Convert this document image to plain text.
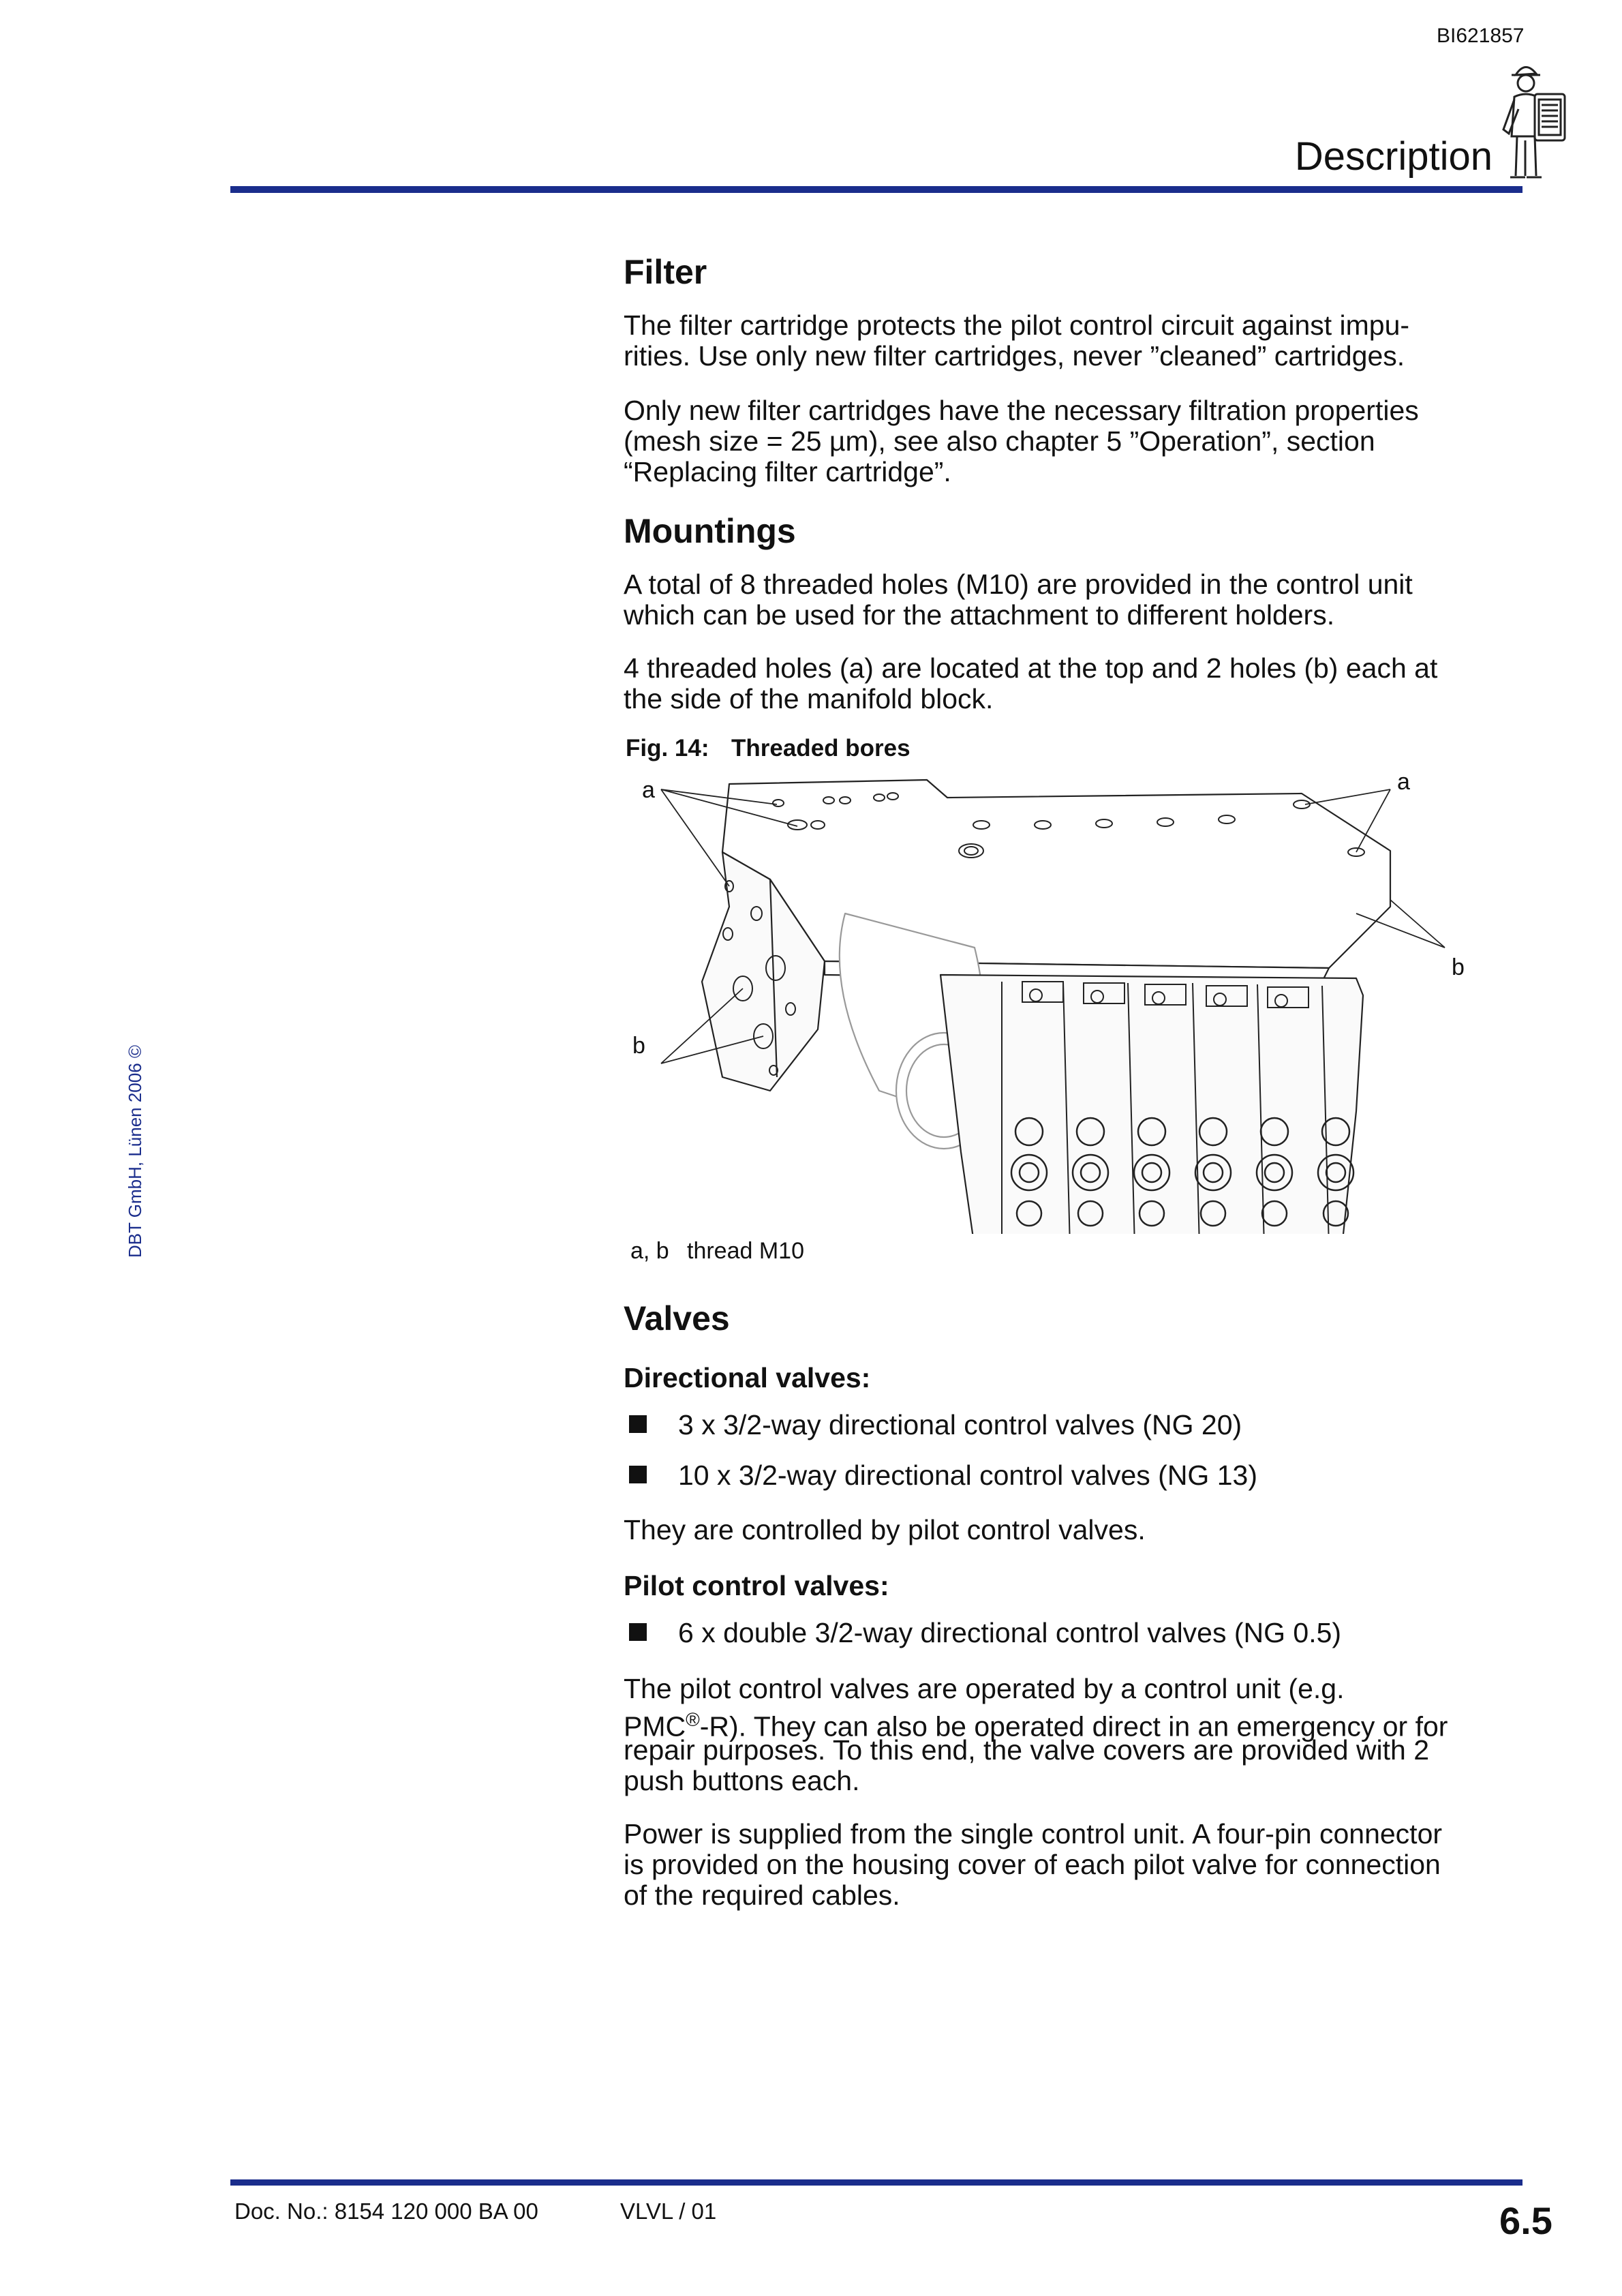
BI621857
Description
DBT GmbH, Lünen 2006 ©
Filter

The filter cartridge protects the pilot control circuit against impu-

rities. Use only new filter cartridges, never ”cleaned” cartridges.

Only new filter cartridges have the necessary filtration properties

(mesh size = 25 µm), see also chapter 5 ”Operation”, section

“Replacing filter cartridge”.

Mountings

A total of 8 threaded holes (M10) are provided in the control unit

which can be used for the attachment to different holders.

4 threaded holes (a) are located at the top and 2 holes (b) each at

the side of the manifold block.

Fig. 14: Threaded bores
a	a
b
b
a, b thread M10
Valves
Directional valves:
3 x 3/2-way directional control valves (NG 20)
10 x 3/2-way directional control valves (NG 13)

They are controlled by pilot control valves.

Pilot control valves:
6 x double 3/2-way directional control valves (NG 0.5)

The pilot control valves are operated by a control unit (e.g.

PMC®-R). They can also be operated direct in an emergency or for

repair purposes. To this end, the valve covers are provided with 2

push buttons each.

Power is supplied from the single control unit. A four-pin connector

is provided on the housing cover of each pilot valve for connection

of the required cables.

Doc. No.: 8154 120 000 BA 00	VLVL / 01	6.5
